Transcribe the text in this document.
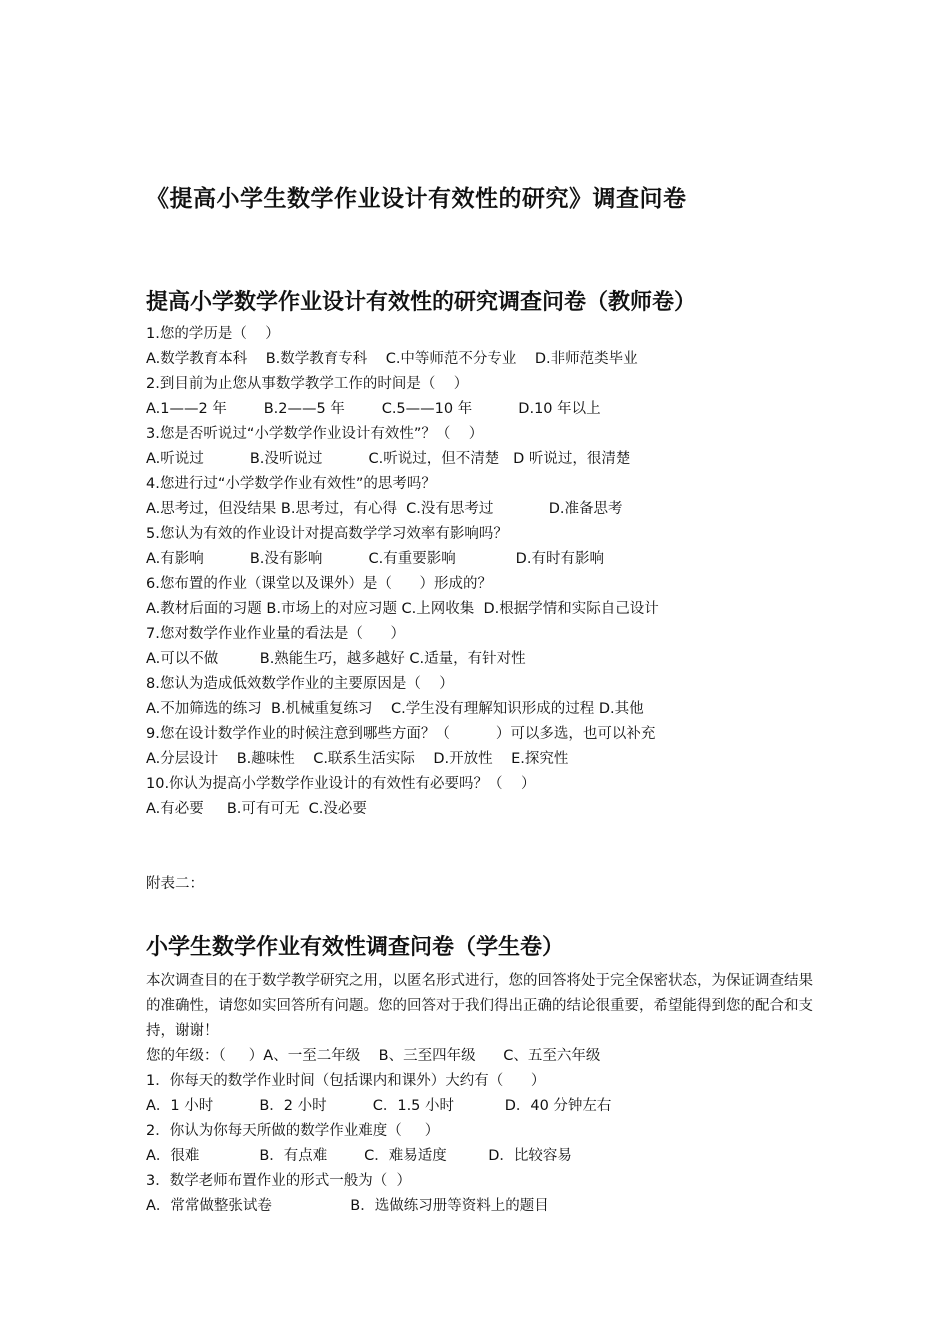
《提高小学生数学作业设计有效性的研究》调查问卷
提高小学数学作业设计有效性的研究调查问卷（教师卷）
1.您的学历是（    ）
A.数学教育本科    B.数学教育专科    C.中等师范不分专业    D.非师范类毕业
2.到目前为止您从事数学教学工作的时间是（    ）
A.1——2 年        B.2——5 年        C.5——10 年          D.10 年以上
3.您是否听说过“小学数学作业设计有效性”？（    ）
A.听说过          B.没听说过          C.听说过，但不清楚   D 听说过，很清楚
4.您进行过“小学数学作业有效性”的思考吗？
A.思考过，但没结果 B.思考过，有心得  C.没有思考过            D.准备思考
5.您认为有效的作业设计对提高数学学习效率有影响吗？
A.有影响          B.没有影响          C.有重要影响             D.有时有影响
6.您布置的作业（课堂以及课外）是（      ）形成的？
A.教材后面的习题 B.市场上的对应习题 C.上网收集  D.根据学情和实际自己设计
7.您对数学作业作业量的看法是（      ）
A.可以不做         B.熟能生巧，越多越好 C.适量，有针对性
8.您认为造成低效数学作业的主要原因是（    ）
A.不加筛选的练习  B.机械重复练习    C.学生没有理解知识形成的过程 D.其他
9.您在设计数学作业的时候注意到哪些方面？（          ）可以多选，也可以补充
A.分层设计    B.趣味性    C.联系生活实际    D.开放性    E.探究性
10.你认为提高小学数学作业设计的有效性有必要吗？（    ）
A.有必要     B.可有可无  C.没必要
附表二：
小学生数学作业有效性调查问卷（学生卷）

本次调查目的在于数学教学研究之用，以匿名形式进行，您的回答将处于完全保密状态，为保证调查结果的准确性，请您如实回答所有问题。您的回答对于我们得出正确的结论很重要，希望能得到您的配合和支持，谢谢！

您的年级：（     ）A、一至二年级    B、三至四年级      C、五至六年级
1．你每天的数学作业时间（包括课内和课外）大约有（      ）
A．1 小时          B．2 小时          C．1.5 小时           D．40 分钟左右
2．你认为你每天所做的数学作业难度（     ）
A．很难             B．有点难        C．难易适度         D．比较容易
3．数学老师布置作业的形式一般为（  ）
A．常常做整张试卷                 B．选做练习册等资料上的题目
